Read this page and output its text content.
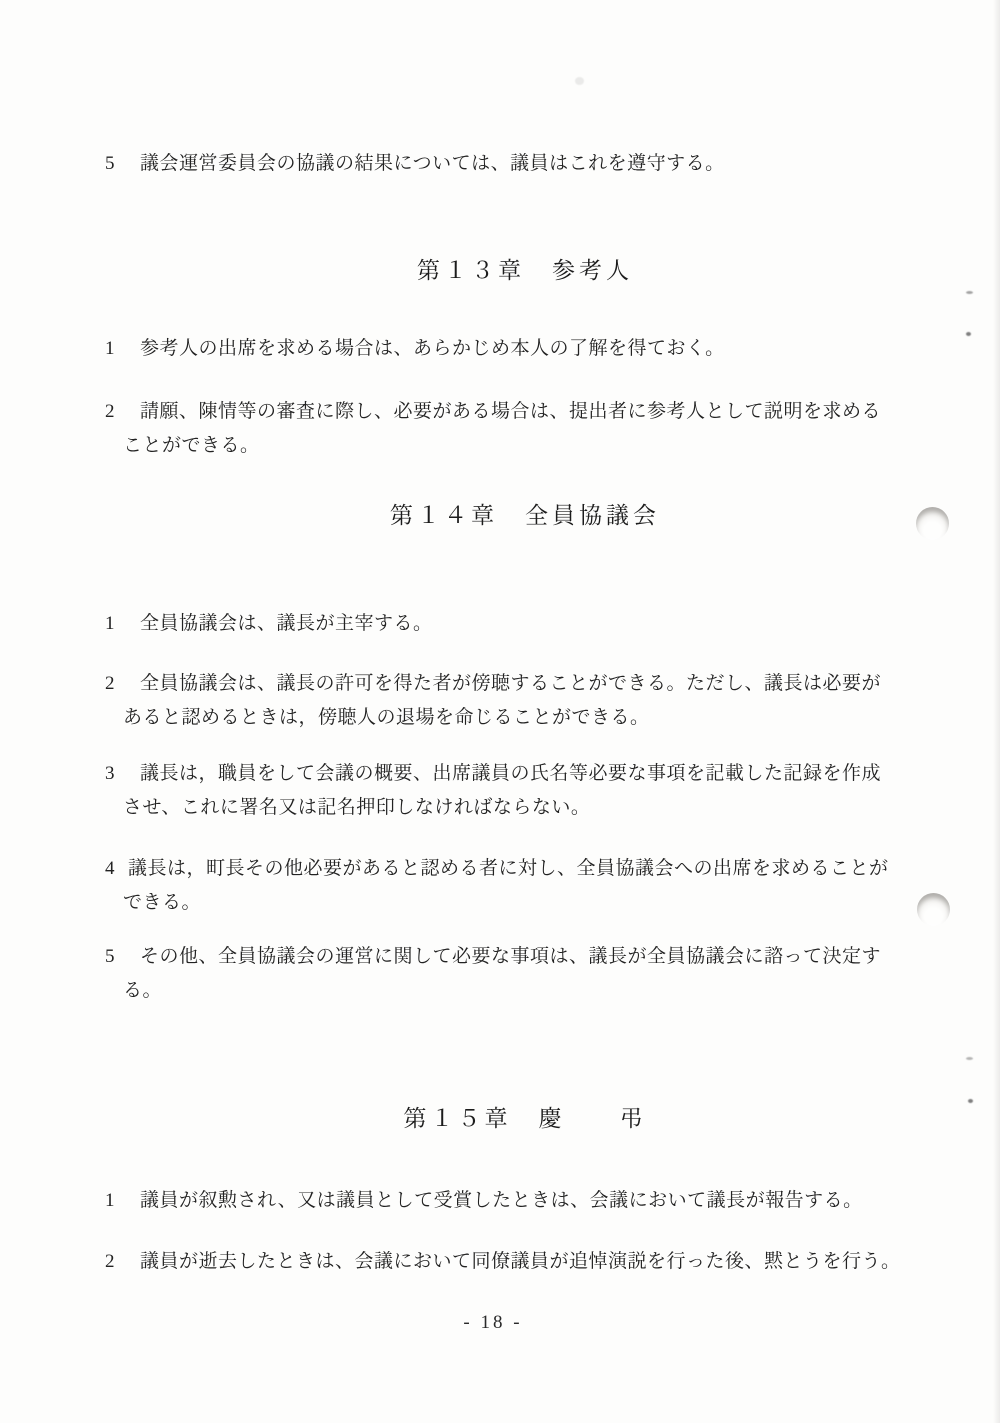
5 議会運営委員会の協議の結果については、議員はこれを遵守する。
第１３章　参考人
1 参考人の出席を求める場合は、あらかじめ本人の了解を得ておく。
2 請願、陳情等の審査に際し、必要がある場合は、提出者に参考人として説明を求める
ことができる。
第１４章　全員協議会
1 全員協議会は、議長が主宰する。
2 全員協議会は、議長の許可を得た者が傍聴することができる。ただし、議長は必要が
あると認めるときは，傍聴人の退場を命じることができる。
3 議長は，職員をして会議の概要、出席議員の氏名等必要な事項を記載した記録を作成
させ、これに署名又は記名押印しなければならない。
4 議長は，町長その他必要があると認める者に対し、全員協議会への出席を求めることが
できる。
5 その他、全員協議会の運営に関して必要な事項は、議長が全員協議会に諮って決定す
る。
第１５章　慶　　弔
1 議員が叙勲され、又は議員として受賞したときは、会議において議長が報告する。
2 議員が逝去したときは、会議において同僚議員が追悼演説を行った後、黙とうを行う。
- 18 -
